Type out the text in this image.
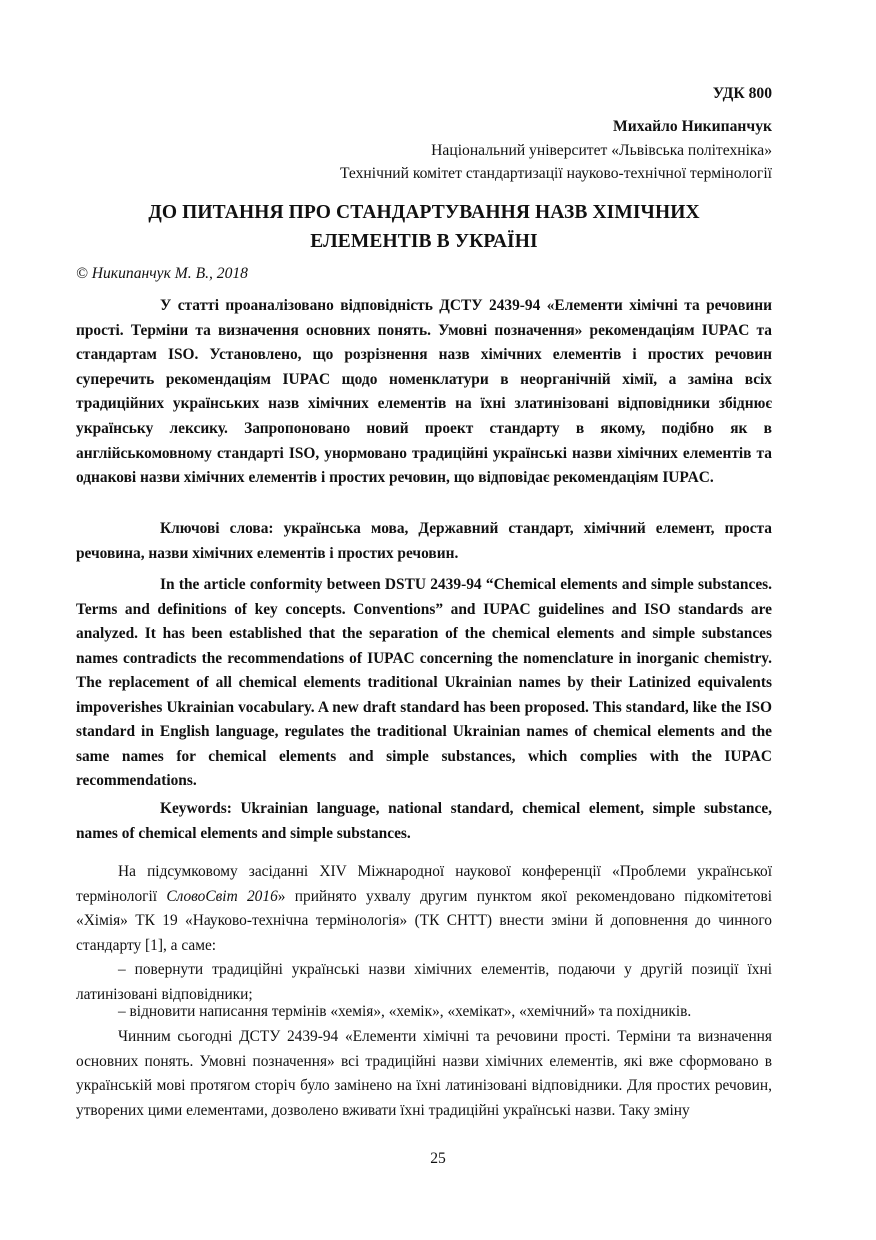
УДК 800
Михайло Никипанчук
Національний університет «Львівська політехніка»
Технічний комітет стандартизації науково-технічної термінології
ДО ПИТАННЯ ПРО СТАНДАРТУВАННЯ НАЗВ ХІМІЧНИХ
ЕЛЕМЕНТІВ В УКРАЇНІ
© Никипанчук М. В., 2018

У статті проаналізовано відповідність ДСТУ 2439-94 «Елементи хімічні та речовини прості. Терміни та визначення основних понять. Умовні позначення» рекомендаціям IUPAC та стандартам ISO. Установлено, що розрізнення назв хімічних елементів і простих речовин суперечить рекомендаціям IUPAC щодо номенклатури в неорганічній хімії, а заміна всіх традиційних українських назв хімічних елементів на їхні златинізовані відповідники збіднює українську лексику. Запропоновано новий проект стандарту в якому, подібно як в англійськомовному стандарті ISO, унормовано традиційні українські назви хімічних елементів та однакові назви хімічних елементів і простих речовин, що відповідає рекомендаціям IUPAC.

Ключові слова: українська мова, Державний стандарт, хімічний елемент, проста речовина, назви хімічних елементів і простих речовин.

In the article conformity between DSTU 2439-94 “Chemical elements and simple substances. Terms and definitions of key concepts. Conventions” and IUPAC guidelines and ISO standards are analyzed. It has been established that the separation of the chemical elements and simple substances names contradicts the recommendations of IUPAC concerning the nomenclature in inorganic chemistry. The replacement of all chemical elements traditional Ukrainian names by their Latinized equivalents impoverishes Ukrainian vocabulary. A new draft standard has been proposed. This standard, like the ISO standard in English language, regulates the traditional Ukrainian names of chemical elements and the same names for chemical elements and simple substances, which complies with the IUPAC recommendations.

Keywords: Ukrainian language, national standard, chemical element, simple substance, names of chemical elements and simple substances.

На підсумковому засіданні XIV Міжнародної наукової конференції «Проблеми української термінології СловоСвіт 2016» прийнято ухвалу другим пунктом якої рекомендовано підкомітетові «Хімія» ТК 19 «Науково-технічна термінологія» (ТК СНТТ) внести зміни й доповнення до чинного стандарту [1], а саме:

– повернути традиційні українські назви хімічних елементів, подаючи у другій позиції їхні латинізовані відповідники;

– відновити написання термінів «хемія», «хемік», «хемікат», «хемічний» та похідників.

Чинним сьогодні ДСТУ 2439-94 «Елементи хімічні та речовини прості. Терміни та визначення основних понять. Умовні позначення» всі традиційні назви хімічних елементів, які вже сформовано в українській мові протягом сторіч було замінено на їхні латинізовані відповідники. Для простих речовин, утворених цими елементами, дозволено вживати їхні традиційні українські назви. Таку зміну

25
